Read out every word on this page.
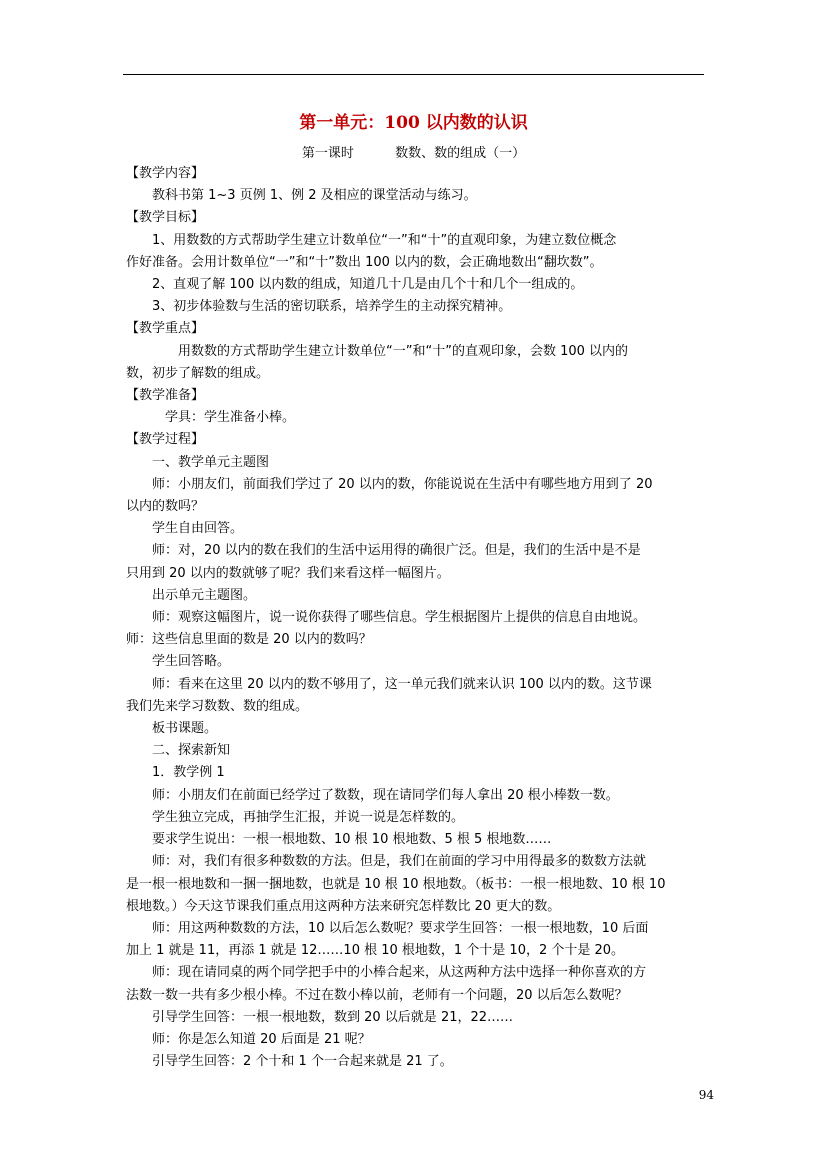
第一单元：100 以内数的认识
第一课时          数数、数的组成（一）

【教学内容】

教科书第 1~3 页例 1、例 2 及相应的课堂活动与练习。

【教学目标】

1、用数数的方式帮助学生建立计数单位“一”和“十”的直观印象，为建立数位概念

作好准备。会用计数单位“一”和“十”数出 100 以内的数，会正确地数出“翻坎数”。

2、直观了解 100 以内数的组成，知道几十几是由几个十和几个一组成的。

3、初步体验数与生活的密切联系，培养学生的主动探究精神。

【教学重点】

用数数的方式帮助学生建立计数单位“一”和“十”的直观印象，会数 100 以内的

数，初步了解数的组成。

【教学准备】

学具：学生准备小棒。

【教学过程】

一、教学单元主题图

师：小朋友们，前面我们学过了 20 以内的数，你能说说在生活中有哪些地方用到了 20

以内的数吗？

学生自由回答。

师：对，20 以内的数在我们的生活中运用得的确很广泛。但是，我们的生活中是不是

只用到 20 以内的数就够了呢？我们来看这样一幅图片。

出示单元主题图。

师：观察这幅图片，说一说你获得了哪些信息。学生根据图片上提供的信息自由地说。

师：这些信息里面的数是 20 以内的数吗？

学生回答略。

师：看来在这里 20 以内的数不够用了，这一单元我们就来认识 100 以内的数。这节课

我们先来学习数数、数的组成。

板书课题。

二、探索新知

1．教学例 1

师：小朋友们在前面已经学过了数数，现在请同学们每人拿出 20 根小棒数一数。

学生独立完成，再抽学生汇报，并说一说是怎样数的。

要求学生说出：一根一根地数、10 根 10 根地数、5 根 5 根地数……

师：对，我们有很多种数数的方法。但是，我们在前面的学习中用得最多的数数方法就

是一根一根地数和一捆一捆地数，也就是 10 根 10 根地数。（板书：一根一根地数、10 根 10

根地数。）今天这节课我们重点用这两种方法来研究怎样数比 20 更大的数。

师：用这两种数数的方法，10 以后怎么数呢？要求学生回答：一根一根地数，10 后面

加上 1 就是 11，再添 1 就是 12……10 根 10 根地数，1 个十是 10，2 个十是 20。

师：现在请同桌的两个同学把手中的小棒合起来，从这两种方法中选择一种你喜欢的方

法数一数一共有多少根小棒。不过在数小棒以前，老师有一个问题，20 以后怎么数呢？

引导学生回答：一根一根地数，数到 20 以后就是 21，22……

师：你是怎么知道 20 后面是 21 呢？

引导学生回答：2 个十和 1 个一合起来就是 21 了。

94
